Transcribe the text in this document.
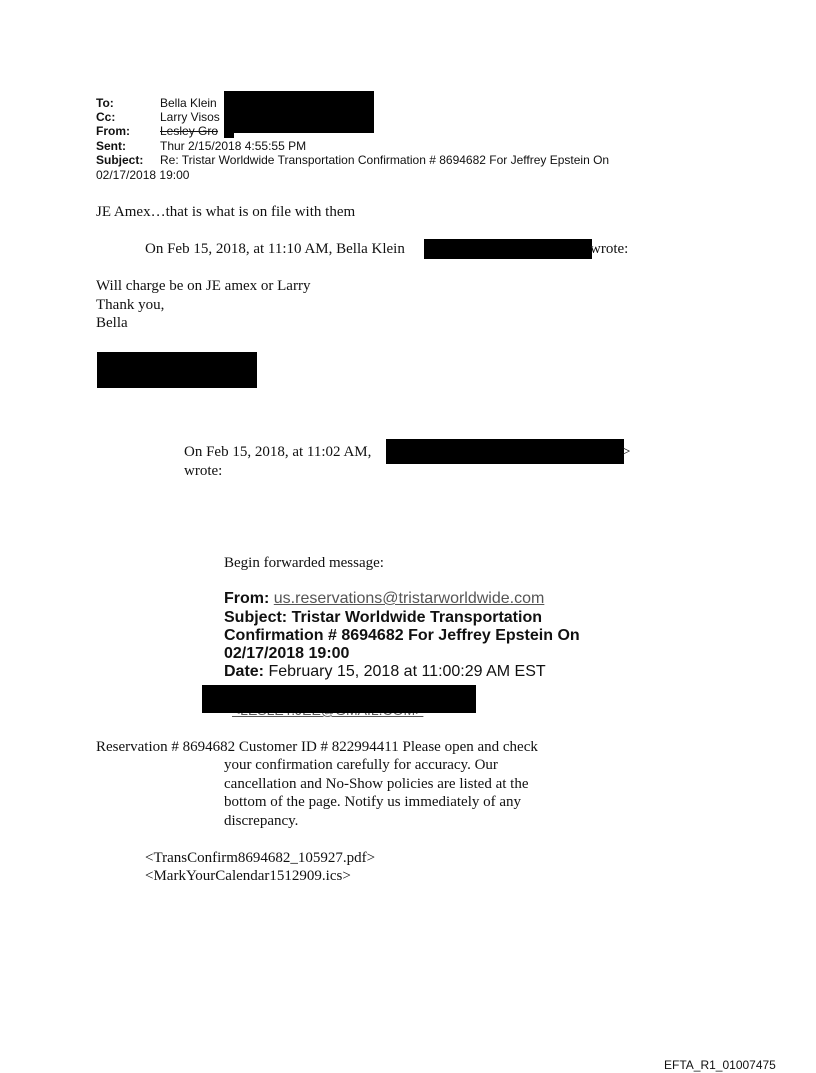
To:	Bella Klein
Cc:	Larry Visos
From:	Lesley Gro
Sent:	Thur 2/15/2018 4:55:55 PM
Subject: Re: Tristar Worldwide Transportation Confirmation # 8694682 For Jeffrey Epstein On
02/17/2018 19:00
JE Amex…that is what is on file with them
On Feb 15, 2018, at 11:10 AM, Bella Klein	wrote:
Will charge be on JE amex or Larry
Thank you,
Bella
On Feb 15, 2018, at 11:02 AM,	>
wrote:
Begin forwarded message:
From: us.reservations@tristarworldwide.com
Subject: Tristar Worldwide Transportation
Confirmation # 8694682 For Jeffrey Epstein On
02/17/2018 19:00
Date: February 15, 2018 at 11:00:29 AM EST
Reservation # 8694682 Customer ID # 822994411 Please open and check
your confirmation carefully for accuracy. Our
cancellation and No-Show policies are listed at the
bottom of the page. Notify us immediately of any
discrepancy.
<TransConfirm8694682_105927.pdf>
<MarkYourCalendar1512909.ics>
EFTA_R1_01007475
